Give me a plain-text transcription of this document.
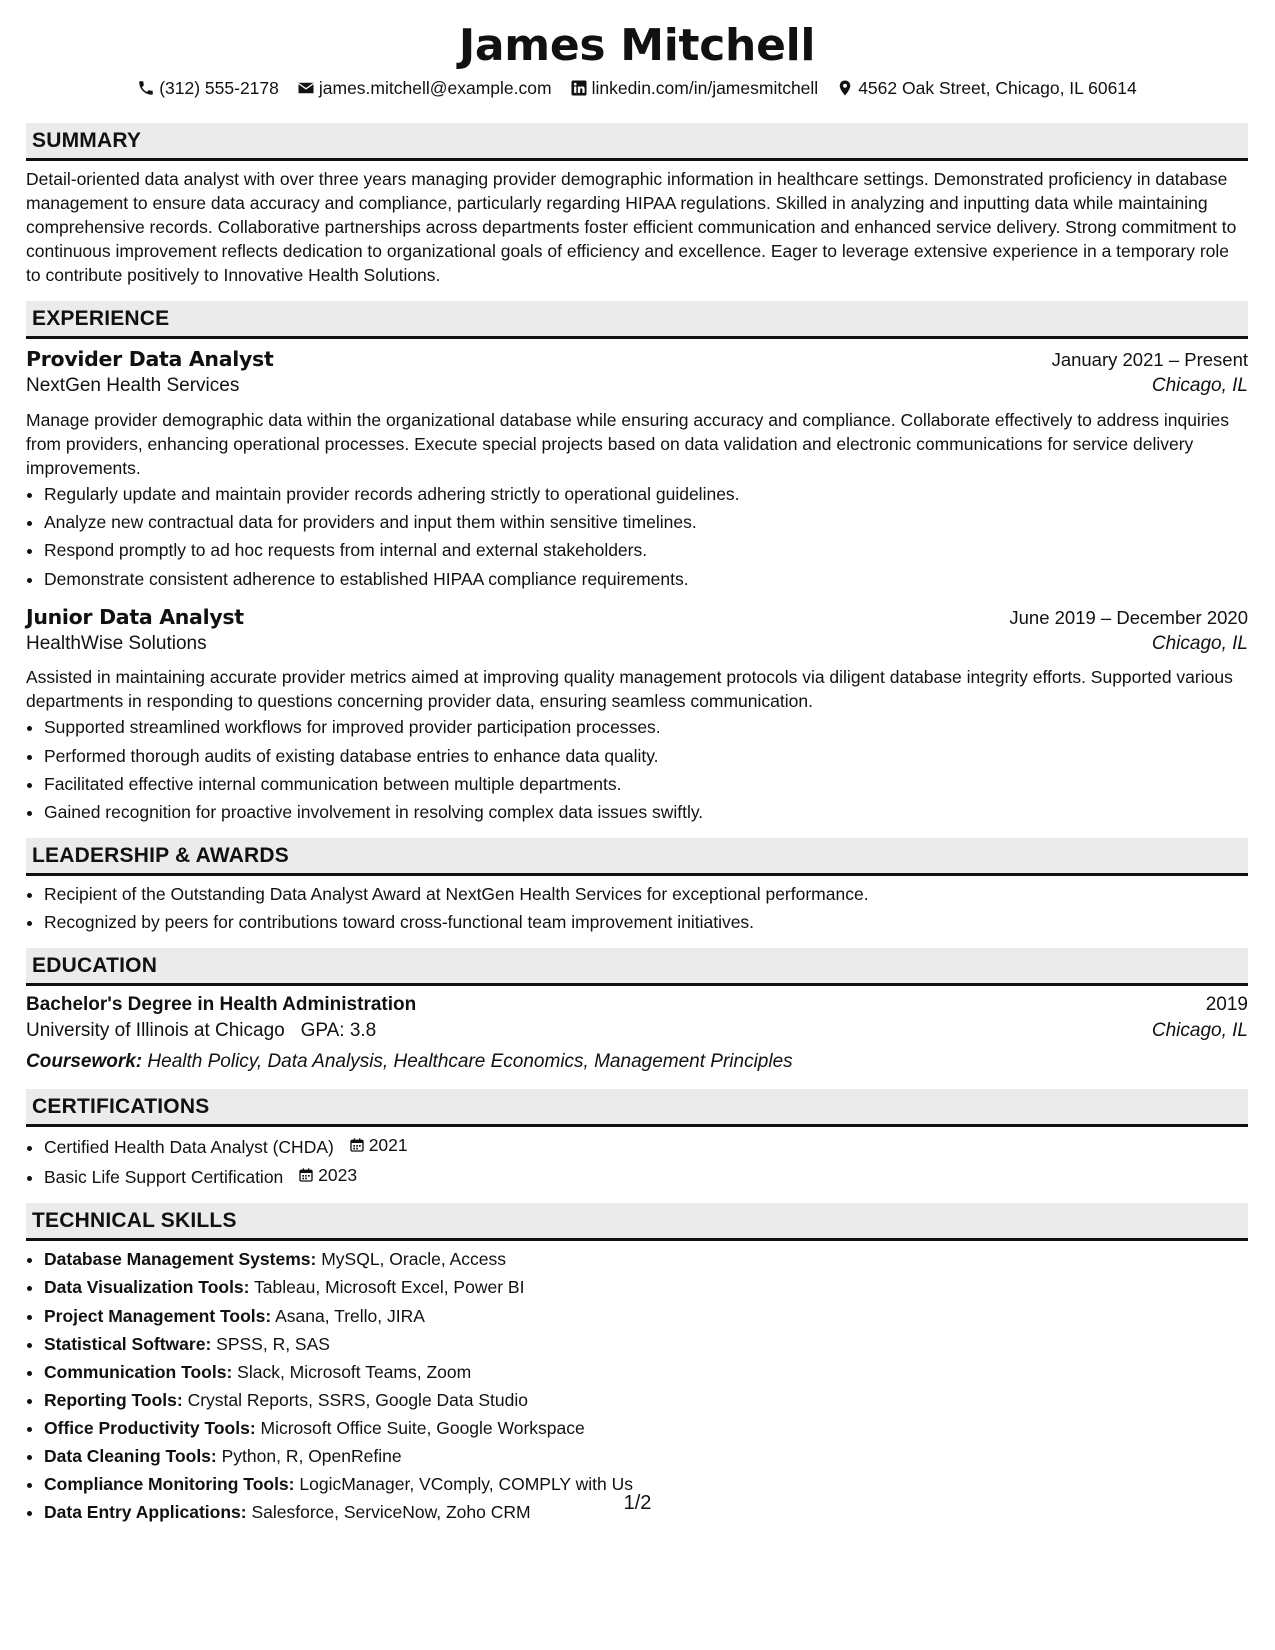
James Mitchell
(312) 555-2178 james.mitchell@example.com linkedin.com/in/jamesmitchell 4562 Oak Street, Chicago, IL 60614
SUMMARY

Detail-oriented data analyst with over three years managing provider demographic information in healthcare settings. Demonstrated proficiency in database management to ensure data accuracy and compliance, particularly regarding HIPAA regulations. Skilled in analyzing and inputting data while maintaining comprehensive records. Collaborative partnerships across departments foster efficient communication and enhanced service delivery. Strong commitment to continuous improvement reflects dedication to organizational goals of efficiency and excellence. Eager to leverage extensive experience in a temporary role to contribute positively to Innovative Health Solutions.

EXPERIENCE
Provider Data Analyst	January 2021 – Present
NextGen Health Services	Chicago, IL

Manage provider demographic data within the organizational database while ensuring accuracy and compliance. Collaborate effectively to address inquiries from providers, enhancing operational processes. Execute special projects based on data validation and electronic communications for service delivery improvements.

• Regularly update and maintain provider records adhering strictly to operational guidelines.
• Analyze new contractual data for providers and input them within sensitive timelines.
• Respond promptly to ad hoc requests from internal and external stakeholders.
• Demonstrate consistent adherence to established HIPAA compliance requirements.
Junior Data Analyst	June 2019 – December 2020
HealthWise Solutions	Chicago, IL

Assisted in maintaining accurate provider metrics aimed at improving quality management protocols via diligent database integrity efforts. Supported various departments in responding to questions concerning provider data, ensuring seamless communication.

• Supported streamlined workflows for improved provider participation processes.
• Performed thorough audits of existing database entries to enhance data quality.
• Facilitated effective internal communication between multiple departments.
• Gained recognition for proactive involvement in resolving complex data issues swiftly.
LEADERSHIP & AWARDS
• Recipient of the Outstanding Data Analyst Award at NextGen Health Services for exceptional performance.
• Recognized by peers for contributions toward cross-functional team improvement initiatives.
EDUCATION
Bachelor's Degree in Health Administration	2019
University of Illinois at Chicago GPA: 3.8	Chicago, IL
Coursework: Health Policy, Data Analysis, Healthcare Economics, Management Principles
CERTIFICATIONS
• Certified Health Data Analyst (CHDA) 2021
• Basic Life Support Certification 2023
TECHNICAL SKILLS
• Database Management Systems: MySQL, Oracle, Access
• Data Visualization Tools: Tableau, Microsoft Excel, Power BI
• Project Management Tools: Asana, Trello, JIRA
• Statistical Software: SPSS, R, SAS
• Communication Tools: Slack, Microsoft Teams, Zoom
• Reporting Tools: Crystal Reports, SSRS, Google Data Studio
• Office Productivity Tools: Microsoft Office Suite, Google Workspace
• Data Cleaning Tools: Python, R, OpenRefine
• Compliance Monitoring Tools: LogicManager, VComply, COMPLY with Us
• Data Entry Applications: Salesforce, ServiceNow, Zoho CRM	1/2
